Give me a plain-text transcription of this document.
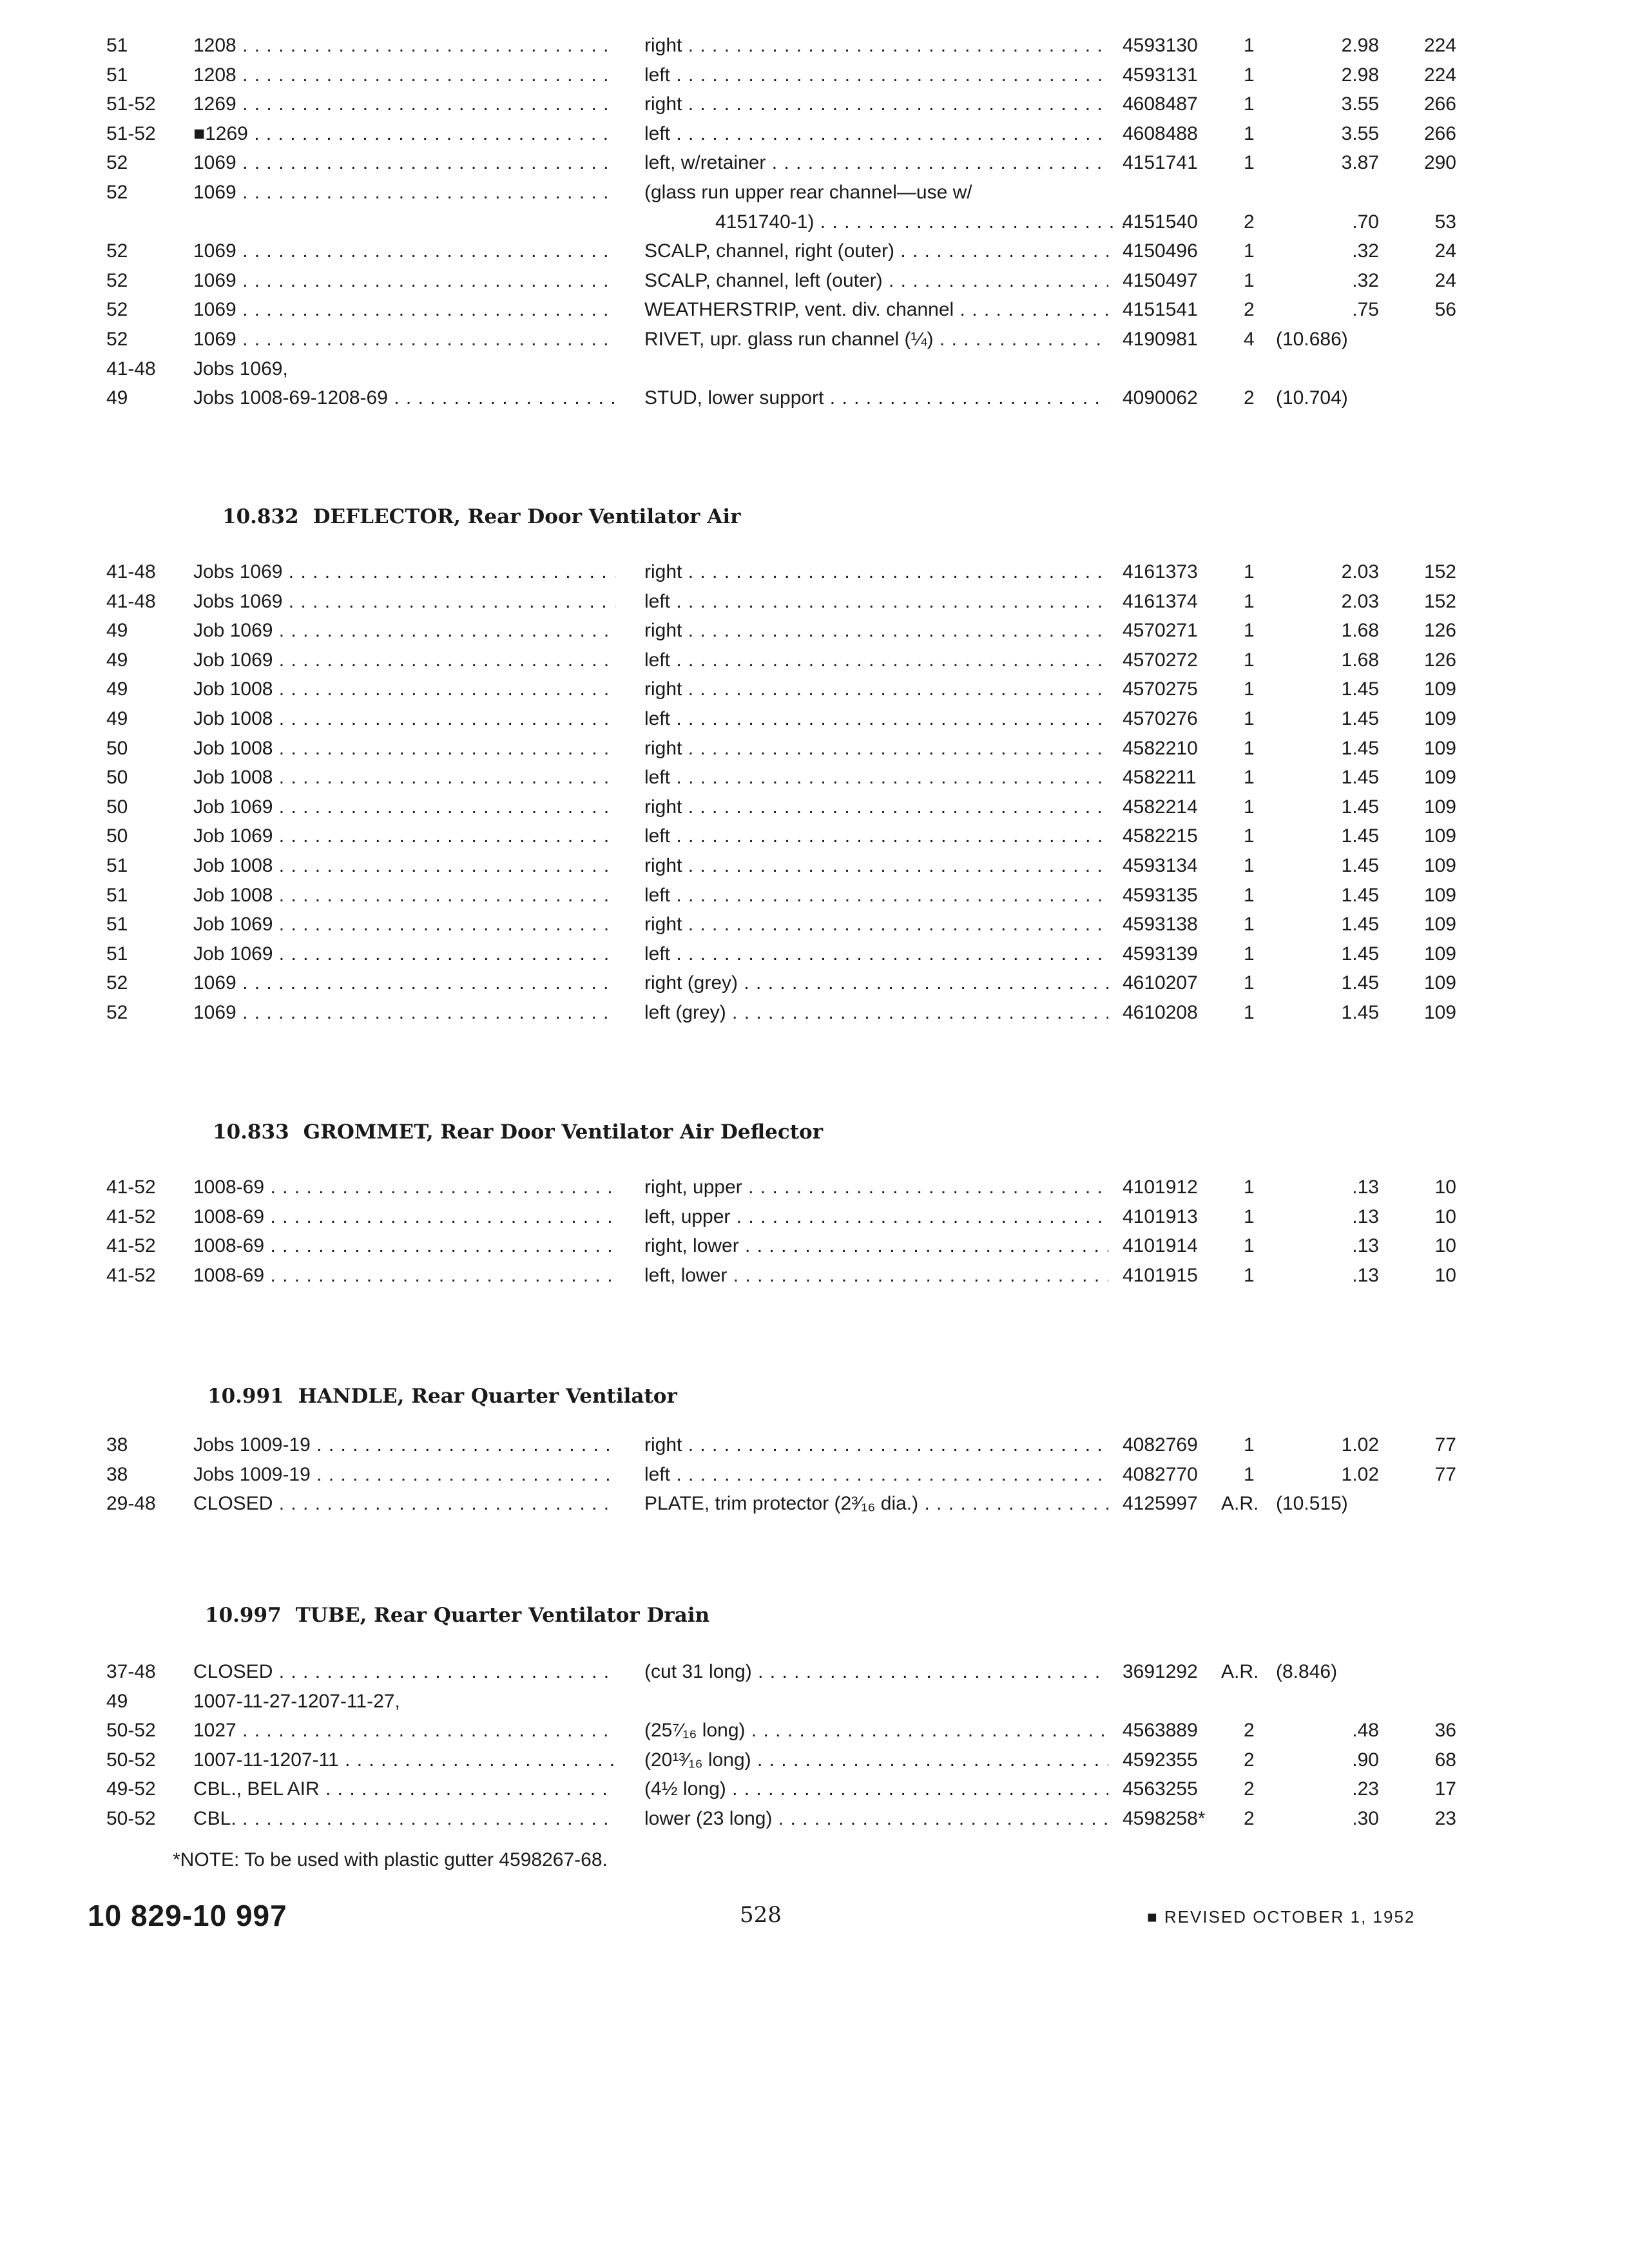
51	1208 . . .	right . . .	4593130 1	2.98	224
51	1208 . . .	left . . .	4593131 1	2.98	224
51-52 1269 . . .	right . . .	4608487 1	3.55	266
51-52 ■1269 . . .	left . . .	4608488 1	3.55	266
52	1069 . . .	left, w/retainer . . .	4151741 1	3.87	290
52	1069 . . .	(glass run upper rear channel—use w/
4151740-1) . . .	4151540 2	.70	53
52	1069 . . .	SCALP, channel, right (outer) . . .	4150496 1	.32	24
52	1069 . . .	SCALP, channel, left (outer) . . .	4150497 1	.32	24
52	1069 . . .	WEATHERSTRIP, vent. div. channel . . .	4151541 2	.75	56
52	1069 . . .	RIVET, upr. glass run channel (¼) . . .	4190981 4 (10.686)
41-48 Jobs 1069,
49	Jobs 1008-69-1208-69 . . .	STUD, lower support . . .	4090062 2 (10.704)
10.832 DEFLECTOR, Rear Door Ventilator Air
41-48 Jobs 1069 . . .	right . . .	4161373 1	2.03	152
41-48 Jobs 1069 . . .	left . . .	4161374 1	2.03	152
49	Job 1069 . . .	right . . .	4570271 1	1.68	126
49	Job 1069 . . .	left . . .	4570272 1	1.68	126
49	Job 1008 . . .	right . . .	4570275 1	1.45	109
49	Job 1008 . . .	left . . .	4570276 1	1.45	109
50	Job 1008 . . .	right . . .	4582210 1	1.45	109
50	Job 1008 . . .	left . . .	4582211 1	1.45	109
50	Job 1069 . . .	right . . .	4582214 1	1.45	109
50	Job 1069 . . .	left . . .	4582215 1	1.45	109
51	Job 1008 . . .	right . . .	4593134 1	1.45	109
51	Job 1008 . . .	left . . .	4593135 1	1.45	109
51	Job 1069 . . .	right . . .	4593138 1	1.45	109
51	Job 1069 . . .	left . . .	4593139 1	1.45	109
52	1069 . . .	right (grey) . . .	4610207 1	1.45	109
52	1069 . . .	left (grey) . . .	4610208 1	1.45	109
10.833 GROMMET, Rear Door Ventilator Air Deflector
41-52 1008-69 . . .	right, upper . . .	4101912 1	.13	10
41-52 1008-69 . . .	left, upper . . .	4101913 1	.13	10
41-52 1008-69 . . .	right, lower . . .	4101914 1	.13	10
41-52 1008-69 . . .	left, lower . . .	4101915 1	.13	10
10.991 HANDLE, Rear Quarter Ventilator
38	Jobs 1009-19 . . .	right . . .	4082769 1	1.02	77
38	Jobs 1009-19 . . .	left . . .	4082770 1	1.02	77
29-48 CLOSED . . .	PLATE, trim protector (2³⁄₁₆ dia.) . . .	4125997 A.R. (10.515)
10.997 TUBE, Rear Quarter Ventilator Drain
37-48 CLOSED . . .	(cut 31 long) . . .	3691292 A.R. (8.846)
49	1007-11-27-1207-11-27,
50-52 1027 . . .	(25⁷⁄₁₆ long) . . .	4563889 2	.48	36
50-52 1007-11-1207-11 . . .	(20¹³⁄₁₆ long) . . .	4592355 2	.90	68
49-52 CBL., BEL AIR . . .	(4½ long) . . .	4563255 2	.23	17
50-52 CBL. . . .	lower (23 long) . . .	4598258* 2	.30	23
*NOTE: To be used with plastic gutter 4598267-68.
10 829-10 997	528	■ REVISED OCTOBER 1, 1952
